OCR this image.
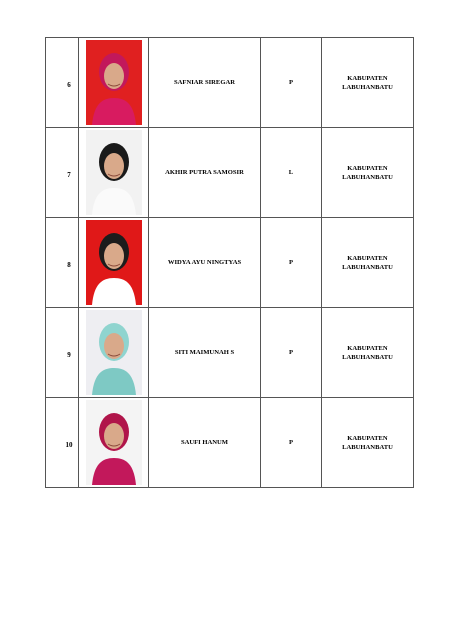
6		SAFNIAR SIREGAR	P	KABUPATEN
LABUHANBATU

7		AKHIR PUTRA SAMOSIR	L	KABUPATEN
LABUHANBATU

8		WIDYA AYU NINGTYAS	P	KABUPATEN
LABUHANBATU

9		SITI MAIMUNAH S	P	KABUPATEN
LABUHANBATU

10		SAUFI HANUM	P	KABUPATEN
LABUHANBATU
